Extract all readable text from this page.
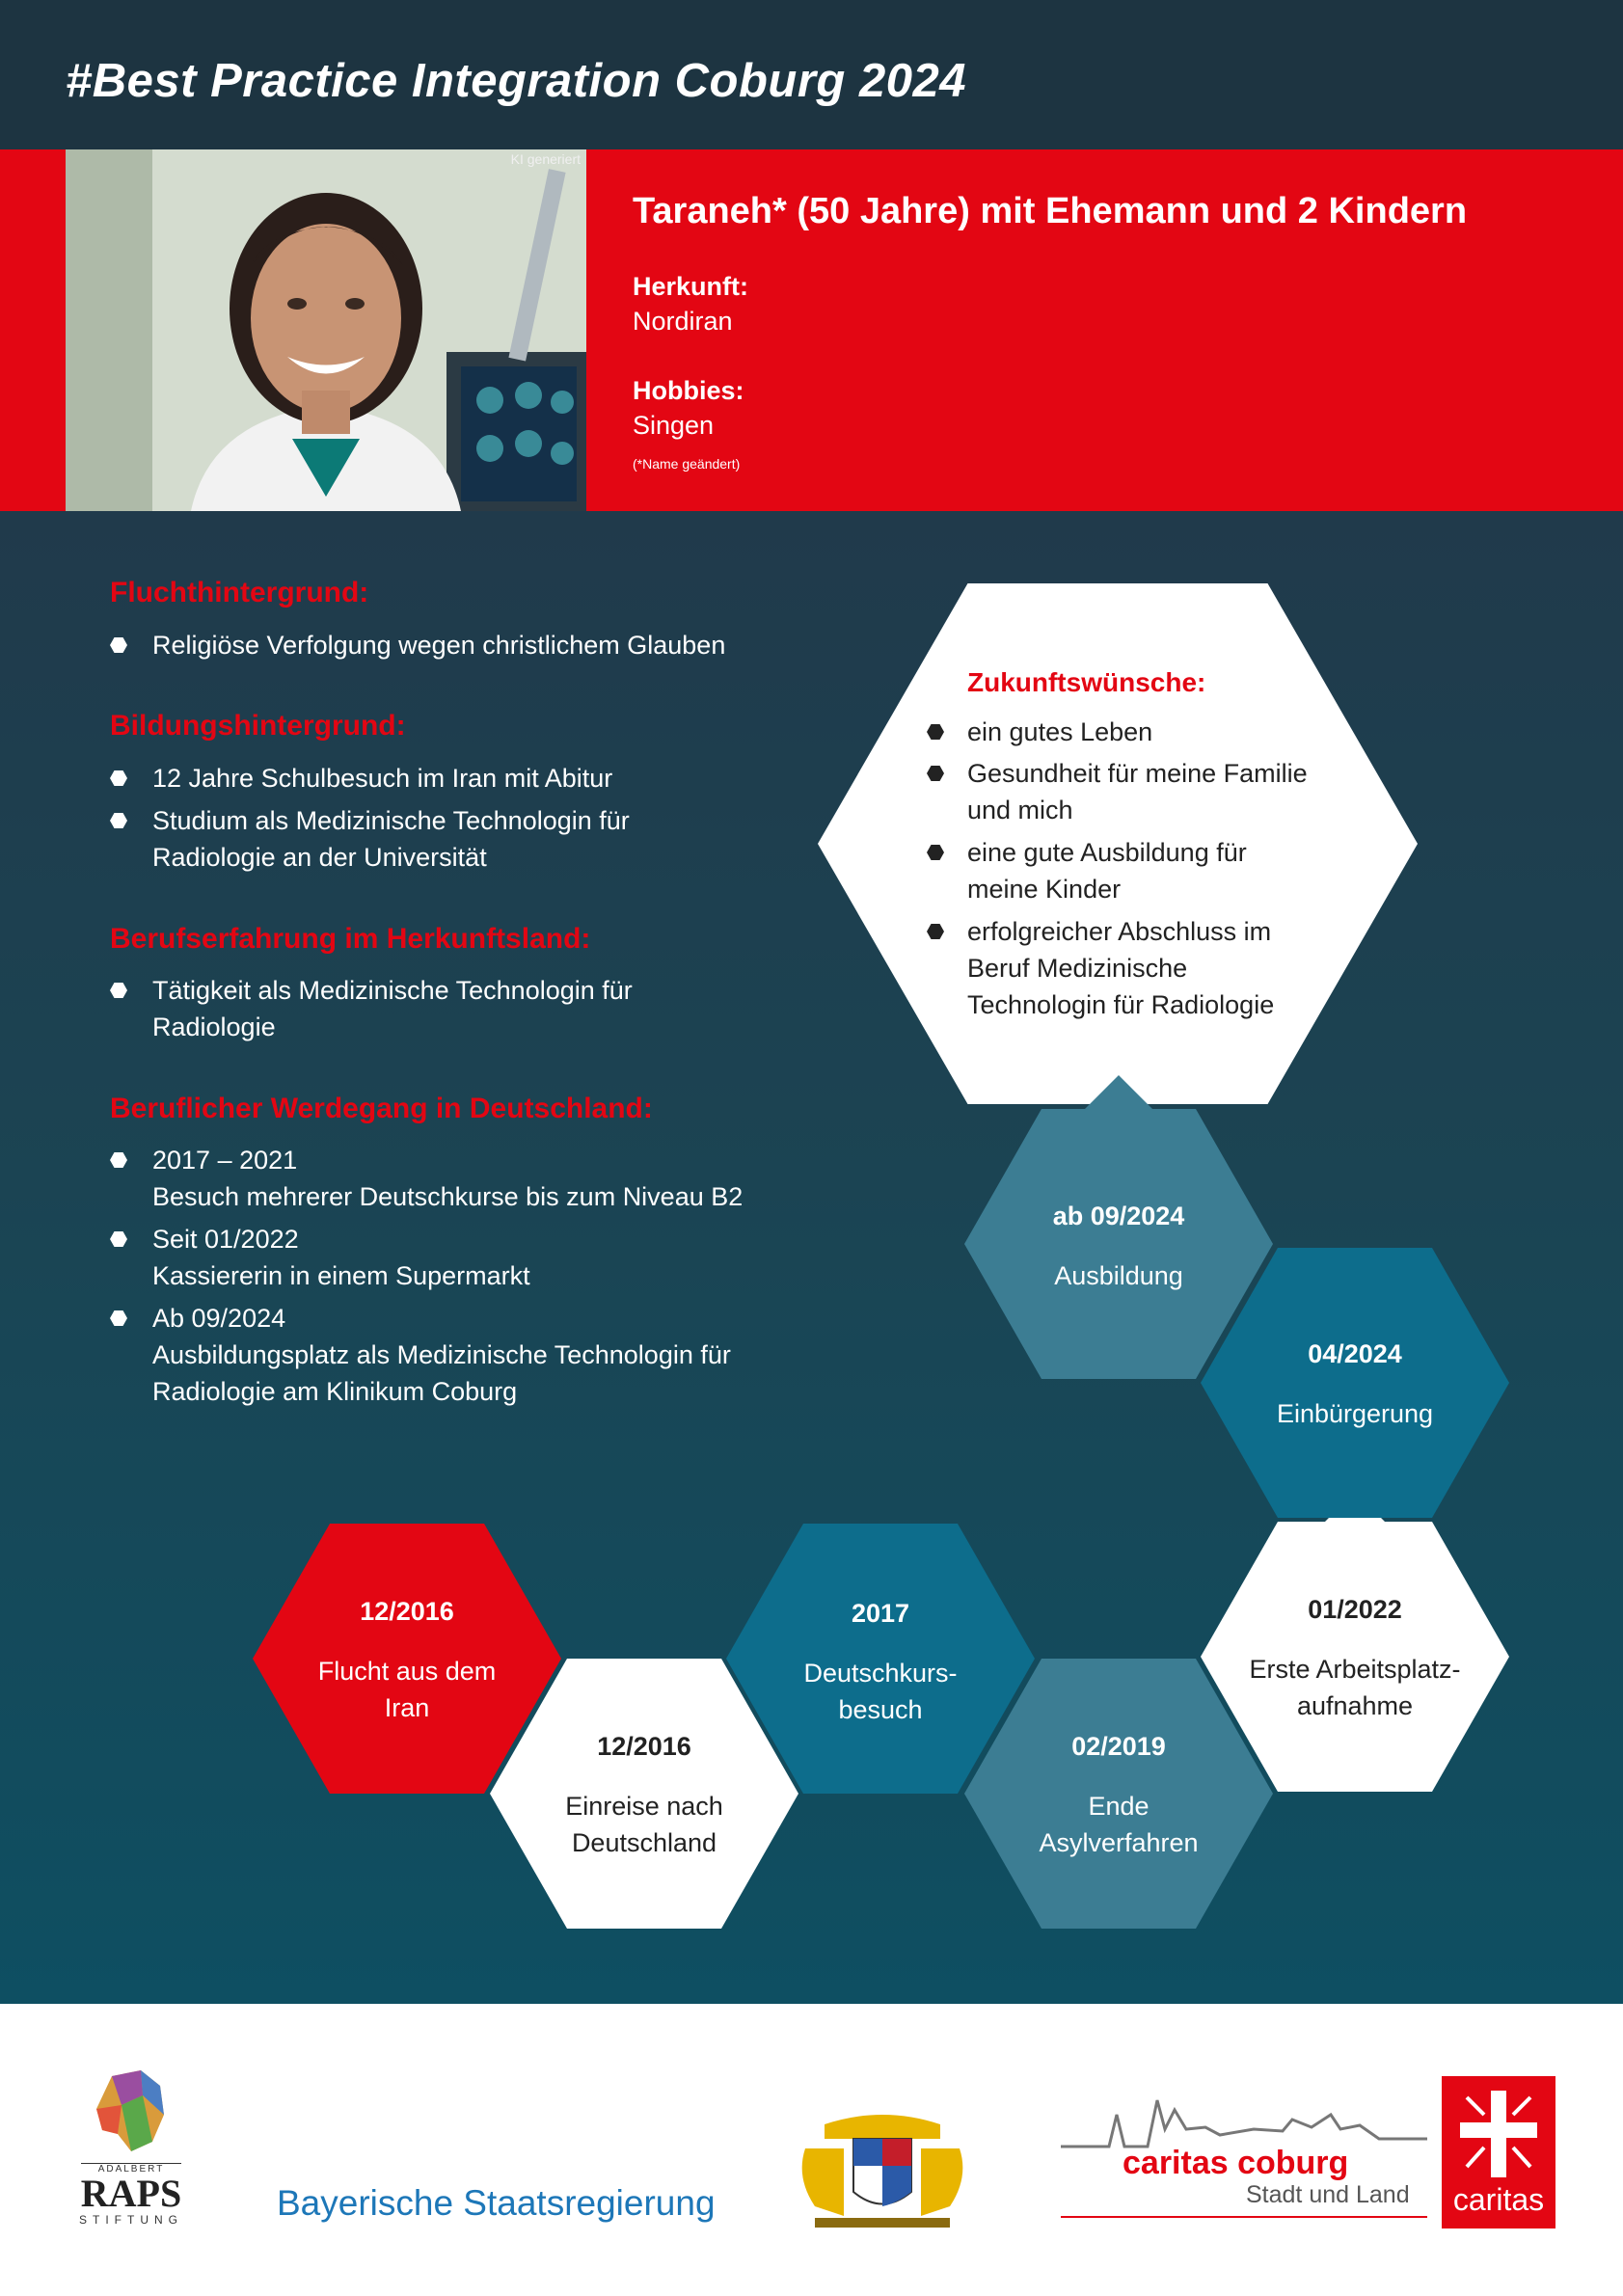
#Best Practice Integration Coburg 2024
KI generiert
Taraneh* (50 Jahre) mit Ehemann und 2 Kindern
Herkunft:
Nordiran
Hobbies:
Singen
(*Name geändert)
Fluchthintergrund:
Religiöse Verfolgung wegen christlichem Glauben
Bildungshintergrund:
12 Jahre Schulbesuch im Iran mit Abitur
Studium als Medizinische Technologin für Radiologie an der Universität
Berufserfahrung im Herkunftsland:
Tätigkeit als Medizinische Technologin für Radiologie
Beruflicher Werdegang in Deutschland:
2017 – 2021
Besuch mehrerer Deutschkurse bis zum Niveau B2
Seit 01/2022
Kassiererin in einem Supermarkt
Ab 09/2024
Ausbildungsplatz als Medizinische Technologin für Radiologie am Klinikum Coburg
Zukunftswünsche:
ein gutes Leben
Gesundheit für meine Familie und mich
eine gute Ausbildung für meine Kinder
erfolgreicher Abschluss im Beruf Medizinische Technologin für Radiologie
ab 09/2024
Ausbildung
04/2024
Einbürgerung
01/2022
Erste Arbeitsplatz-aufnahme
02/2019
Ende Asylverfahren
2017
Deutschkurs-besuch
12/2016
Einreise nach Deutschland
12/2016
Flucht aus dem Iran
ADALBERT
RAPS
STIFTUNG	Bayerische Staatsregierung
caritas coburg
Stadt und Land	caritas
